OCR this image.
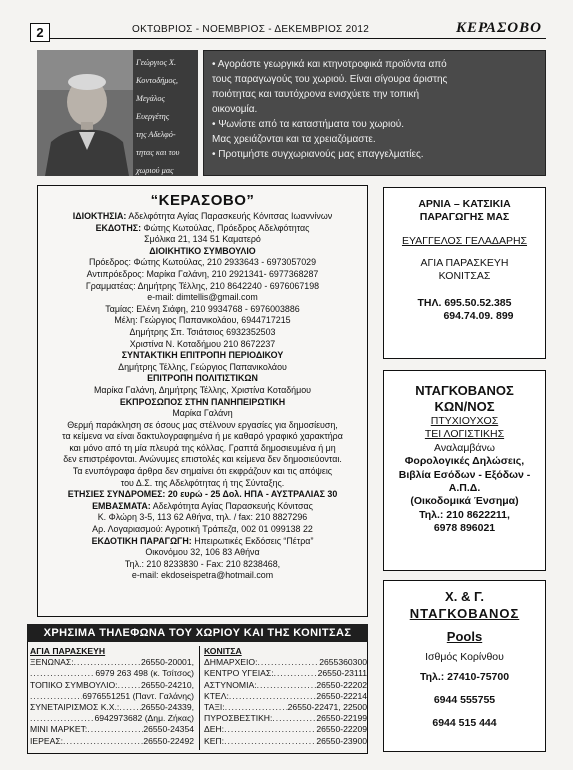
2	ΟΚΤΩΒΡΙΟΣ - ΝΟΕΜΒΡΙΟΣ - ΔΕΚΕΜΒΡΙΟΣ 2012	ΚΕΡΑΣΟΒΟ
Γεώργιος Χ.
Κοντοδήμος,
Μεγάλος
Ευεργέτης
της Αδελφό-
τητας και του
χωριού μας

• Αγοράστε γεωργικά και κτηνοτροφικά προϊόντα από

τους παραγωγούς του χωριού. Είναι σίγουρα άριστης

ποιότητας και ταυτόχρονα ενισχύετε την τοπική

οικονομία.

• Ψωνίστε από τα καταστήματα του χωριού.

Μας χρειάζονται και τα χρειαζόμαστε.

• Προτιμήστε συγχωριανούς μας επαγγελματίες.

“ΚΕΡΑΣΟΒΟ”
ΙΔΙΟΚΤΗΣΙΑ: Αδελφότητα Αγίας Παρασκευής Κόνιτσας Ιωαννίνων
ΕΚΔΟΤΗΣ: Φώτης Κωτούλας, Πρόεδρος Αδελφότητας
Σμόλικα 21, 134 51 Καματερό
ΔΙΟΙΚΗΤΙΚΟ ΣΥΜΒΟΥΛΙΟ
Πρόεδρος: Φώτης Κωτούλας, 210 2933643 - 6973057029
Αντιπρόεδρος: Μαρίκα Γαλάνη, 210 2921341- 6977368287
Γραμματέας: Δημήτρης Τέλλης, 210 8642240 - 6976067198
e-mail: dimtellis@gmail.com
Ταμίας: Ελένη Σιάφη, 210 9934768 - 6976003886
Μέλη: Γεώργιος Παπανικολάου, 6944717215
Δημήτρης Σπ. Τσιάτσιος 6932352503
Χριστίνα Ν. Κοταδήμου 210 8672237
ΣΥΝΤΑΚΤΙΚΗ ΕΠΙΤΡΟΠΗ ΠΕΡΙΟΔΙΚΟΥ
Δημήτρης Τέλλης, Γεώργιος Παπανικολάου
ΕΠΙΤΡΟΠΗ ΠΟΛΙΤΙΣΤΙΚΩΝ
Μαρίκα Γαλάνη, Δημήτρης Τέλλης, Χριστίνα Κοταδήμου
ΕΚΠΡΟΣΩΠΟΣ ΣΤΗΝ ΠΑΝΗΠΕΙΡΩΤΙΚΗ
Μαρίκα Γαλάνη
Θερμή παράκληση σε όσους μας στέλνουν εργασίες για δημοσίευση,
τα κείμενα να είναι δακτυλογραφημένα ή με καθαρό γραφικό χαρακτήρα
και μόνο από τη μία πλευρά της κόλλας. Γραπτά δημοσιευμένα ή μη
δεν επιστρέφονται. Ανώνυμες επιστολές και κείμενα δεν δημοσιεύονται.
Τα ενυπόγραφα άρθρα δεν σημαίνει ότι εκφράζουν και τις απόψεις
του Δ.Σ. της Αδελφότητας ή της Σύνταξης.
ΕΤΗΣΙΕΣ ΣΥΝΔΡΟΜΕΣ: 20 ευρώ - 25 Δολ. ΗΠΑ - ΑΥΣΤΡΑΛΙΑΣ 30
ΕΜΒΑΣΜΑΤΑ: Αδελφότητα Αγίας Παρασκευής Κόνιτσας
Κ. Φλώρη 3-5, 113 62 Αθήνα, τηλ. / fax: 210 8827296
Αρ. Λογαριασμού: Αγροτική Τράπεζα, 002 01 099138 22
ΕΚΔΟΤΙΚΗ ΠΑΡΑΓΩΓΗ: Ηπειρωτικές Εκδόσεις “Πέτρα”
Οικονόμου 32, 106 83 Αθήνα
Τηλ.: 210 8233830 - Fax: 210 8238468,
e-mail: ekdoseispetra@hotmail.com
ΑΡΝΙΑ – ΚΑΤΣΙΚΙΑ
ΠΑΡΑΓΩΓΗΣ ΜΑΣ
ΕΥΑΓΓΕΛΟΣ ΓΕΛΑΔΑΡΗΣ
ΑΓΙΑ ΠΑΡΑΣΚΕΥΗ
ΚΟΝΙΤΣΑΣ
ΤΗΛ. 695.50.52.385
694.74.09. 899
ΝΤΑΓΚΟΒΑΝΟΣ
ΚΩΝ/ΝΟΣ
ΠΤΥΧΙΟΥΧΟΣ
ΤΕΙ ΛΟΓΙΣΤΙΚΗΣ
Αναλαμβάνω
Φορολογικές Δηλώσεις,
Βιβλία Εσόδων - Εξόδων -
Α.Π.Δ.
(Οικοδομικά Ένσημα)
Τηλ.: 210 8622211,
6978 896021
Χ. & Γ.
ΝΤΑΓΚΟΒΑΝΟΣ
Pools
Ισθμός Κορίνθου
Τηλ.: 27410-75700
6944 555755
6944 515 444
ΧΡΗΣΙΜΑ ΤΗΛΕΦΩΝΑ ΤΟΥ ΧΩΡΙΟΥ ΚΑΙ ΤΗΣ ΚΟΝΙΤΣΑΣ
ΑΓΙΑ ΠΑΡΑΣΚΕΥΗ
ΞΕΝΩΝΑΣ: .....	26550-20001,
.....
6979 263 498 (κ. Τσίτσος)
ΤΟΠΙΚΟ ΣΥΜΒΟΥΛΙΟ: .....	26550-24210,
.....
6976551251 (Παντ. Γαλάνης)
ΣΥΝΕΤΑΙΡΙΣΜΟΣ Κ.Χ.: .....	26550-24339,
.....
6942973682 (Δημ. Ζήκας)
ΜΙΝΙ ΜΑΡΚΕΤ: .....	26550-24354
ΙΕΡΕΑΣ: .....	26550-22492
ΚΟΝΙΤΣΑ
ΔΗΜΑΡΧΕΙΟ: .....	2655360300
ΚΕΝΤΡΟ ΥΓΕΙΑΣ: .....	26550-23111
ΑΣΤΥΝΟΜΙΑ: .....	26550-22202
ΚΤΕΛ: .....	26550-22214
ΤΑΞΙ: .....	26550-22471, 22500
ΠΥΡΟΣΒΕΣΤΙΚΗ: .....	26550-22199
ΔΕΗ: .....	26550-22209
ΚΕΠ: .....	26550-23900
